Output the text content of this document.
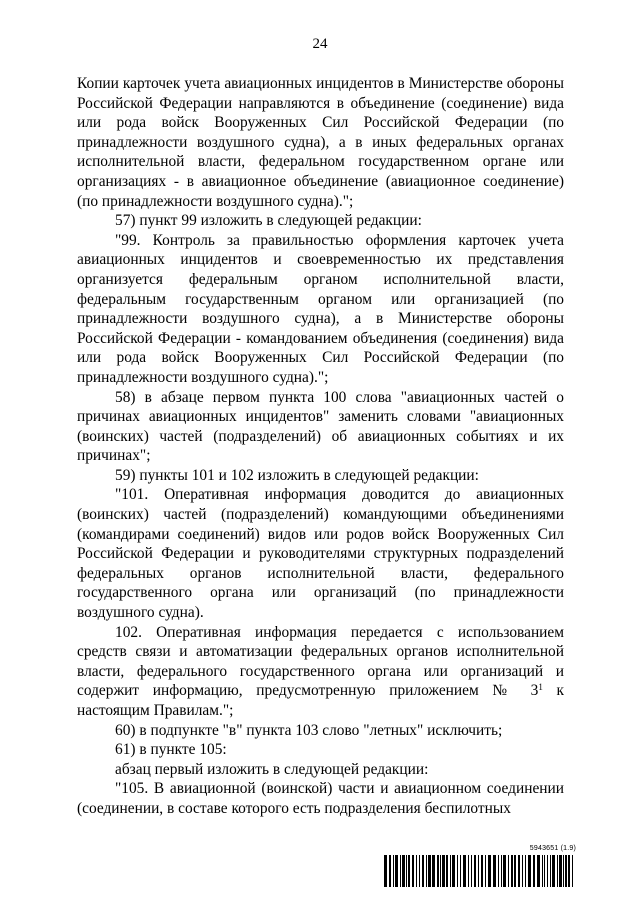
24

Копии карточек учета авиационных инцидентов в Министерстве обороны Российской Федерации направляются в объединение (соединение) вида или рода войск Вооруженных Сил Российской Федерации (по принадлежности воздушного судна), а в иных федеральных органах исполнительной власти, федеральном государственном органе или организациях - в авиационное объединение (авиационное соединение) (по принадлежности воздушного судна).";

57) пункт 99 изложить в следующей редакции:

"99. Контроль за правильностью оформления карточек учета авиационных инцидентов и своевременностью их представления организуется федеральным органом исполнительной власти, федеральным государственным органом или организацией (по принадлежности воздушного судна), а в Министерстве обороны Российской Федерации - командованием объединения (соединения) вида или рода войск Вооруженных Сил Российской Федерации (по принадлежности воздушного судна).";

58) в абзаце первом пункта 100 слова "авиационных частей о причинах авиационных инцидентов" заменить словами "авиационных (воинских) частей (подразделений) об авиационных событиях и их причинах";

59) пункты 101 и 102 изложить в следующей редакции:

"101. Оперативная информация доводится до авиационных (воинских) частей (подразделений) командующими объединениями (командирами соединений) видов или родов войск Вооруженных Сил Российской Федерации и руководителями структурных подразделений федеральных органов исполнительной власти, федерального государственного органа или организаций (по принадлежности воздушного судна).

102. Оперативная информация передается с использованием средств связи и автоматизации федеральных органов исполнительной власти, федерального государственного органа или организаций и содержит информацию, предусмотренную приложением № $3^1$ к настоящим Правилам.";

60) в подпункте "в" пункта 103 слово "летных" исключить;

61) в пункте 105:

абзац первый изложить в следующей редакции:

"105. В авиационной (воинской) части и авиационном соединении (соединении, в составе которого есть подразделения беспилотных

5943651 (1.9)
